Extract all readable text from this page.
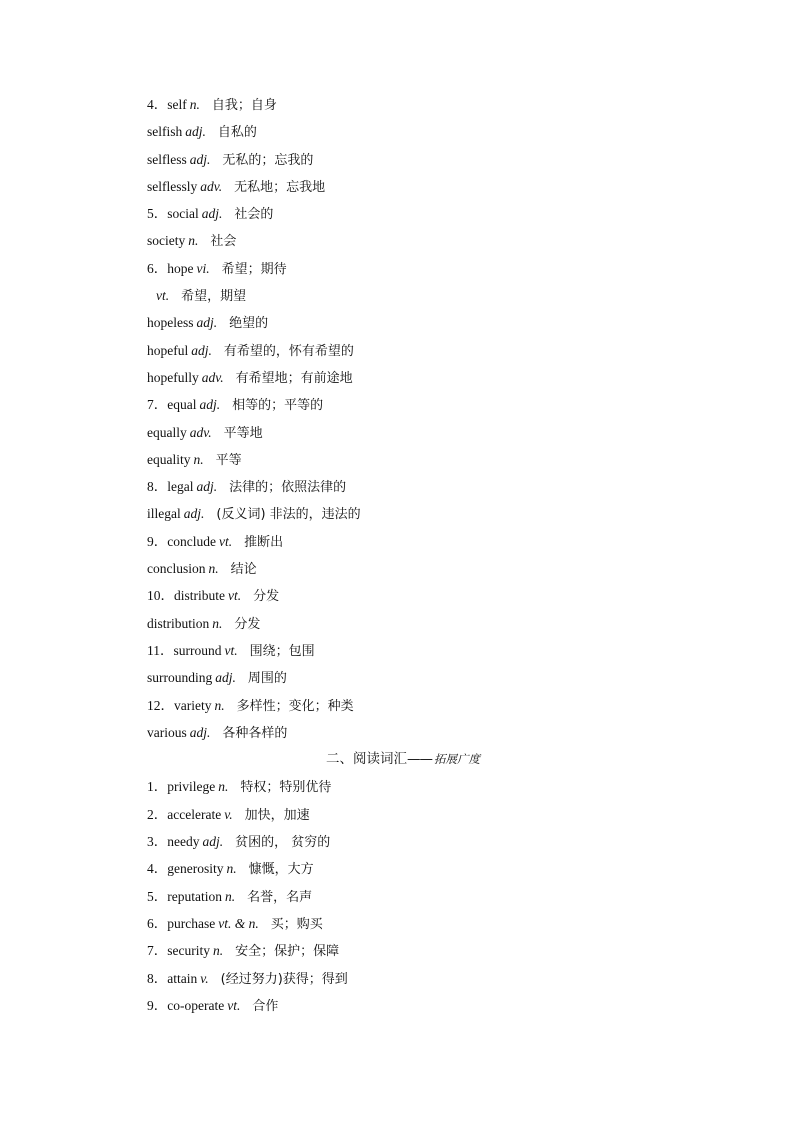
4．self n. 自我；自身
selfish adj. 自私的
selfless adj. 无私的；忘我的
selflessly adv. 无私地；忘我地
5．social adj. 社会的
society n. 社会
6．hope vi. 希望；期待
vt. 希望，期望
hopeless adj. 绝望的
hopeful adj. 有希望的，怀有希望的
hopefully adv. 有希望地；有前途地
7．equal adj. 相等的；平等的
equally adv. 平等地
equality n. 平等
8．legal adj. 法律的；依照法律的
illegal adj. (反义词) 非法的，违法的
9．conclude vt. 推断出
conclusion n. 结论
10．distribute vt. 分发
distribution n. 分发
11．surround vt. 围绕；包围
surrounding adj. 周围的
12．variety n. 多样性；变化；种类
various adj. 各种各样的
二、阅读词汇—— 拓展广度
1．privilege n. 特权；特别优待
2．accelerate v. 加快，加速
3．needy adj. 贫困的， 贫穷的
4．generosity n. 慷慨，大方
5．reputation n. 名誉，名声
6．purchase vt. & n. 买；购买
7．security n. 安全；保护；保障
8．attain v. (经过努力)获得；得到
9．co-operate vt. 合作
